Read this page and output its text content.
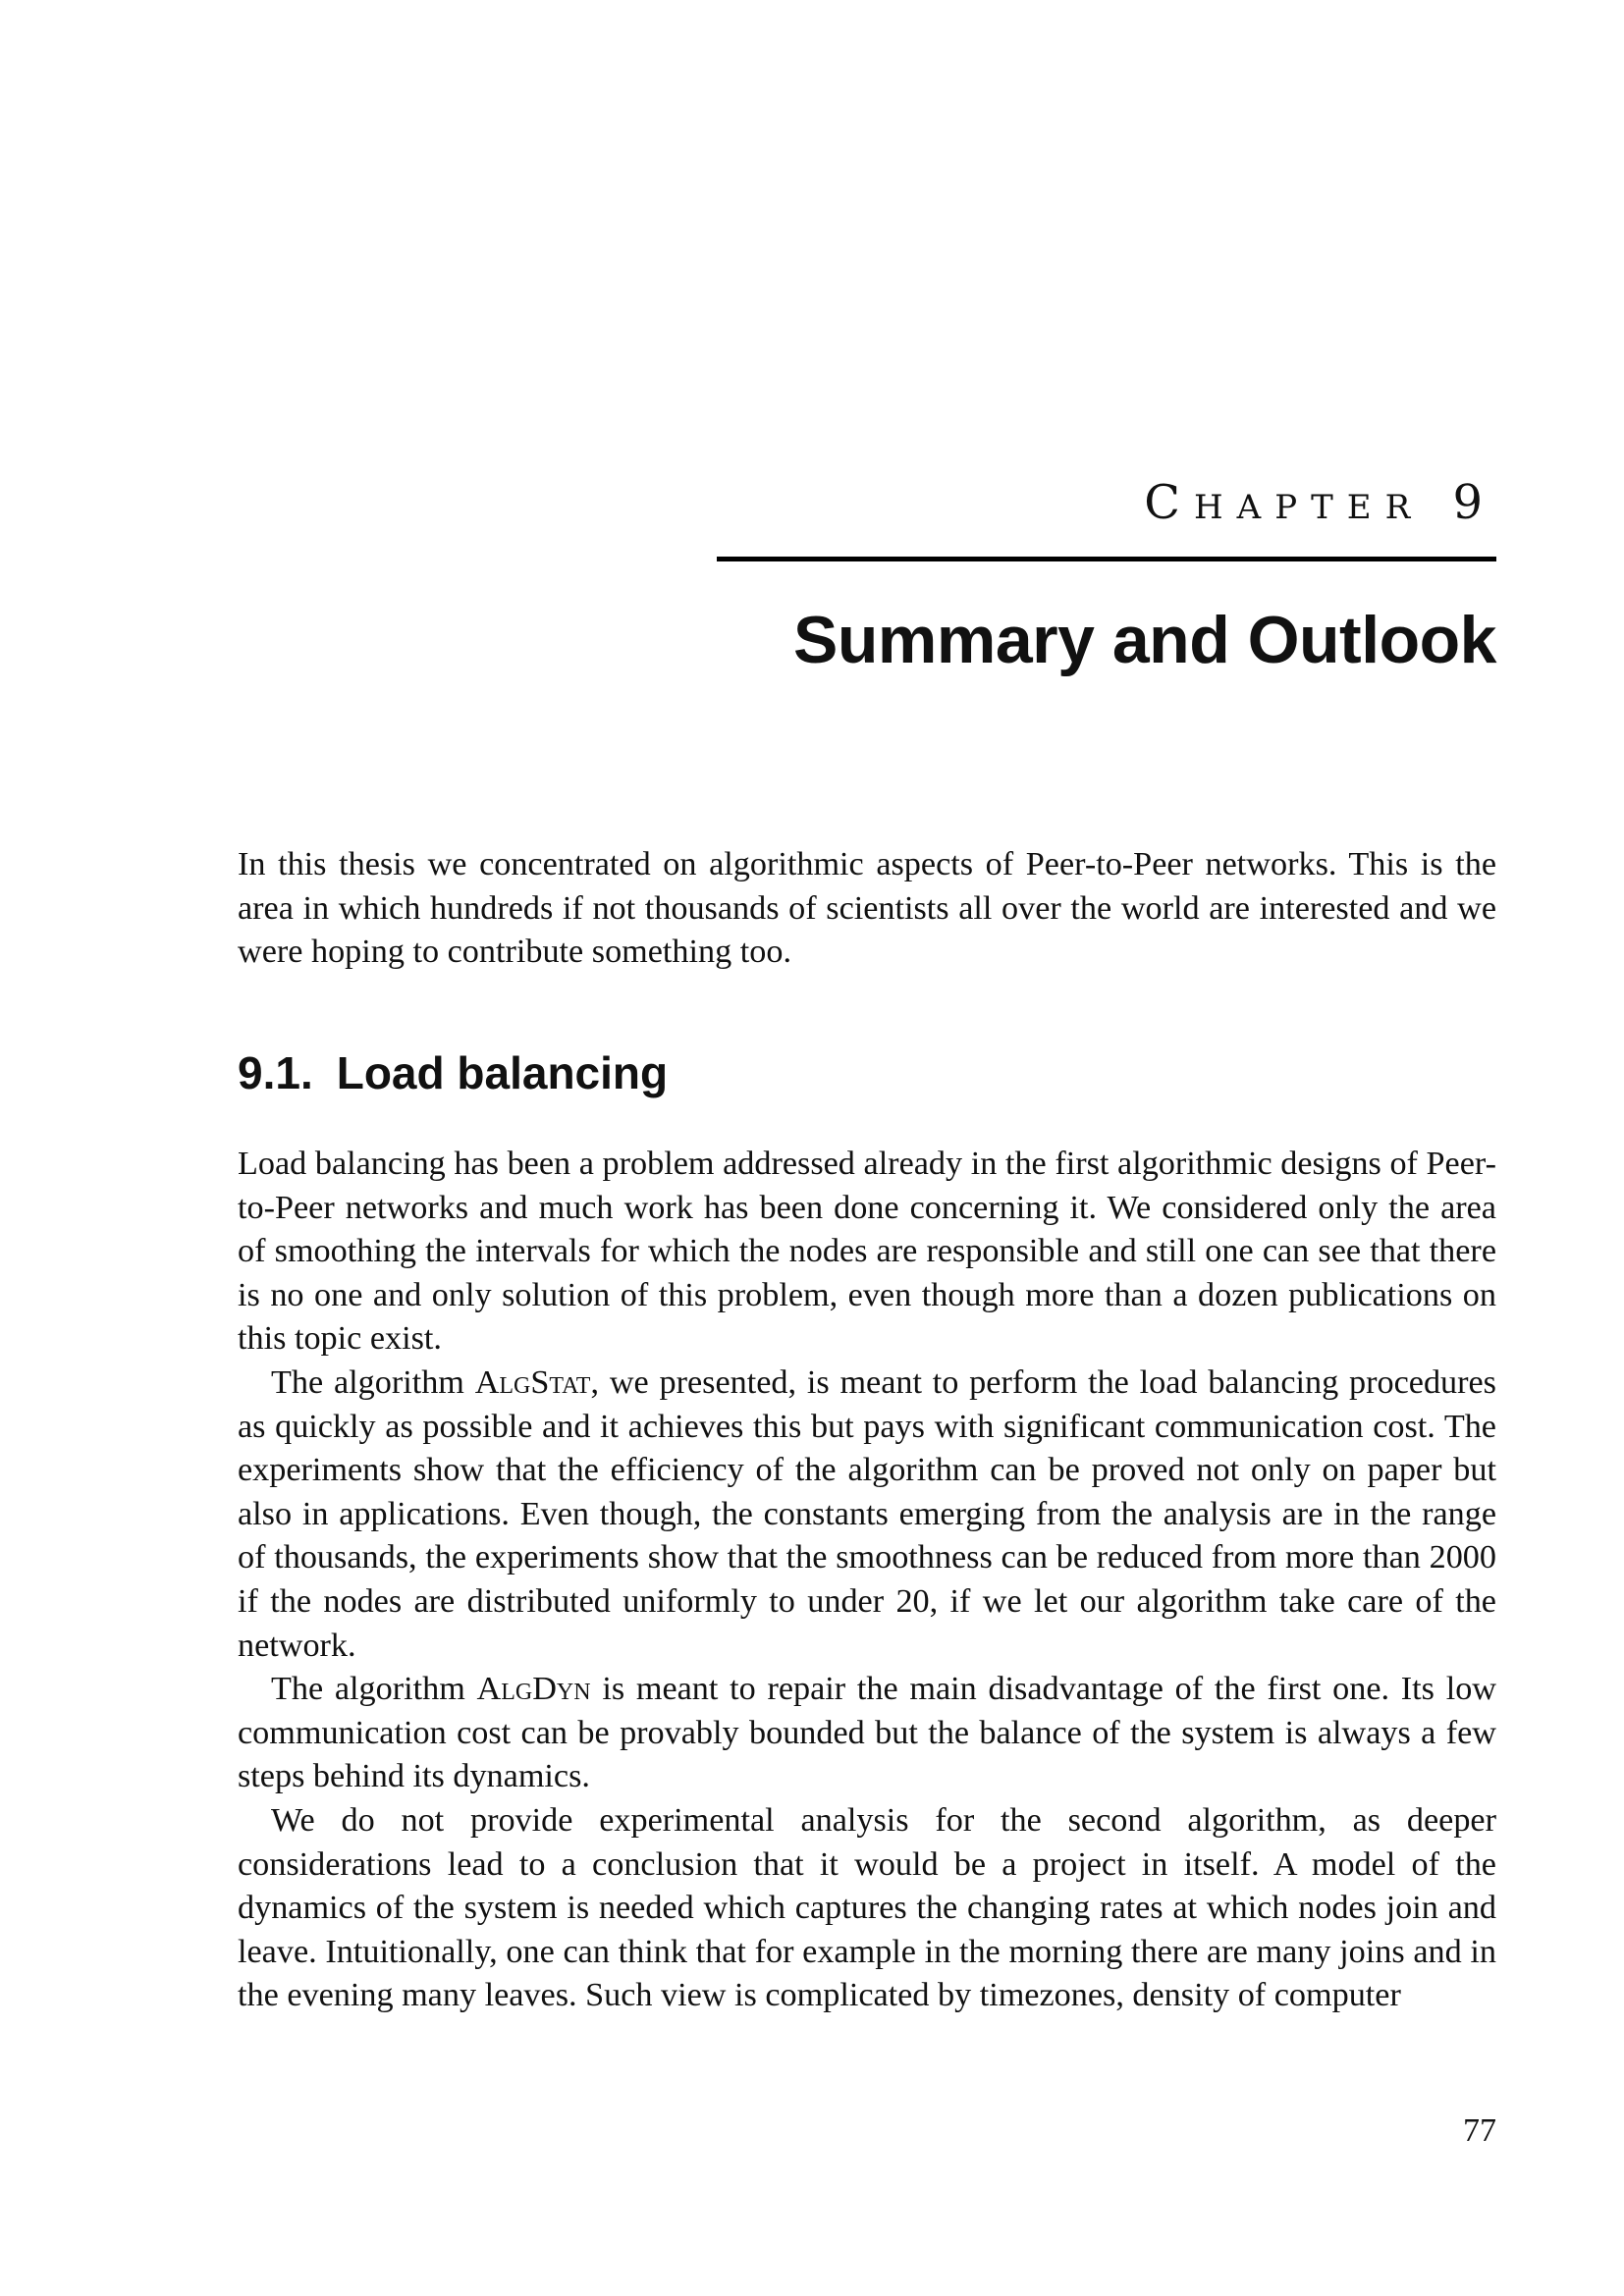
Chapter 9
Summary and Outlook

In this thesis we concentrated on algorithmic aspects of Peer-to-Peer networks. This is the area in which hundreds if not thousands of scientists all over the world are interested and we were hoping to contribute something too.

9.1. Load balancing

Load balancing has been a problem addressed already in the first algorithmic designs of Peer-to-Peer networks and much work has been done concerning it. We considered only the area of smoothing the intervals for which the nodes are responsible and still one can see that there is no one and only solution of this problem, even though more than a dozen publications on this topic exist.

The algorithm AlgStat, we presented, is meant to perform the load balancing procedures as quickly as possible and it achieves this but pays with significant communication cost. The experiments show that the efficiency of the algorithm can be proved not only on paper but also in applications. Even though, the constants emerging from the analysis are in the range of thousands, the experiments show that the smoothness can be reduced from more than 2000 if the nodes are distributed uniformly to under 20, if we let our algorithm take care of the network.

The algorithm AlgDyn is meant to repair the main disadvantage of the first one. Its low communication cost can be provably bounded but the balance of the system is always a few steps behind its dynamics.

We do not provide experimental analysis for the second algorithm, as deeper considerations lead to a conclusion that it would be a project in itself. A model of the dynamics of the system is needed which captures the changing rates at which nodes join and leave. Intuitionally, one can think that for example in the morning there are many joins and in the evening many leaves. Such view is complicated by timezones, density of computer

77
